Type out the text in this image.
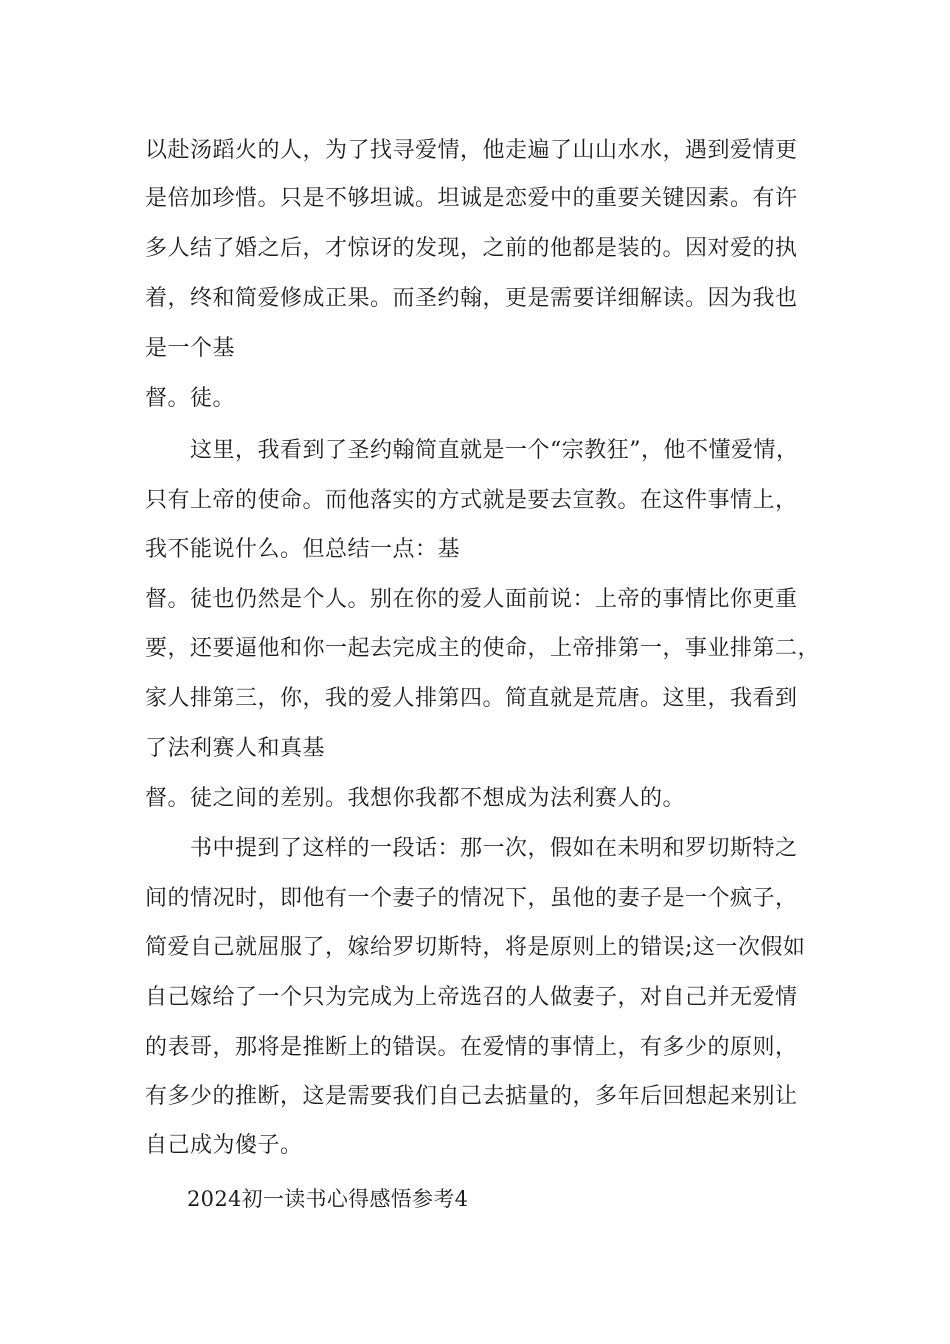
以赴汤蹈火的人，为了找寻爱情，他走遍了山山水水，遇到爱情更
是倍加珍惜。只是不够坦诚。坦诚是恋爱中的重要关键因素。有许
多人结了婚之后，才惊讶的发现，之前的他都是装的。因对爱的执
着，终和简爱修成正果。而圣约翰，更是需要详细解读。因为我也
是一个基
督。徒。
这里，我看到了圣约翰简直就是一个“宗教狂”，他不懂爱情，
只有上帝的使命。而他落实的方式就是要去宣教。在这件事情上，
我不能说什么。但总结一点：基
督。徒也仍然是个人。别在你的爱人面前说：上帝的事情比你更重
要，还要逼他和你一起去完成主的使命，上帝排第一，事业排第二，
家人排第三，你，我的爱人排第四。简直就是荒唐。这里，我看到
了法利赛人和真基
督。徒之间的差别。我想你我都不想成为法利赛人的。
书中提到了这样的一段话：那一次，假如在未明和罗切斯特之
间的情况时，即他有一个妻子的情况下，虽他的妻子是一个疯子，
简爱自己就屈服了，嫁给罗切斯特，将是原则上的错误;这一次假如
自己嫁给了一个只为完成为上帝选召的人做妻子，对自己并无爱情
的表哥，那将是推断上的错误。在爱情的事情上，有多少的原则，
有多少的推断，这是需要我们自己去掂量的，多年后回想起来别让
自己成为傻子。
2024初一读书心得感悟参考4
